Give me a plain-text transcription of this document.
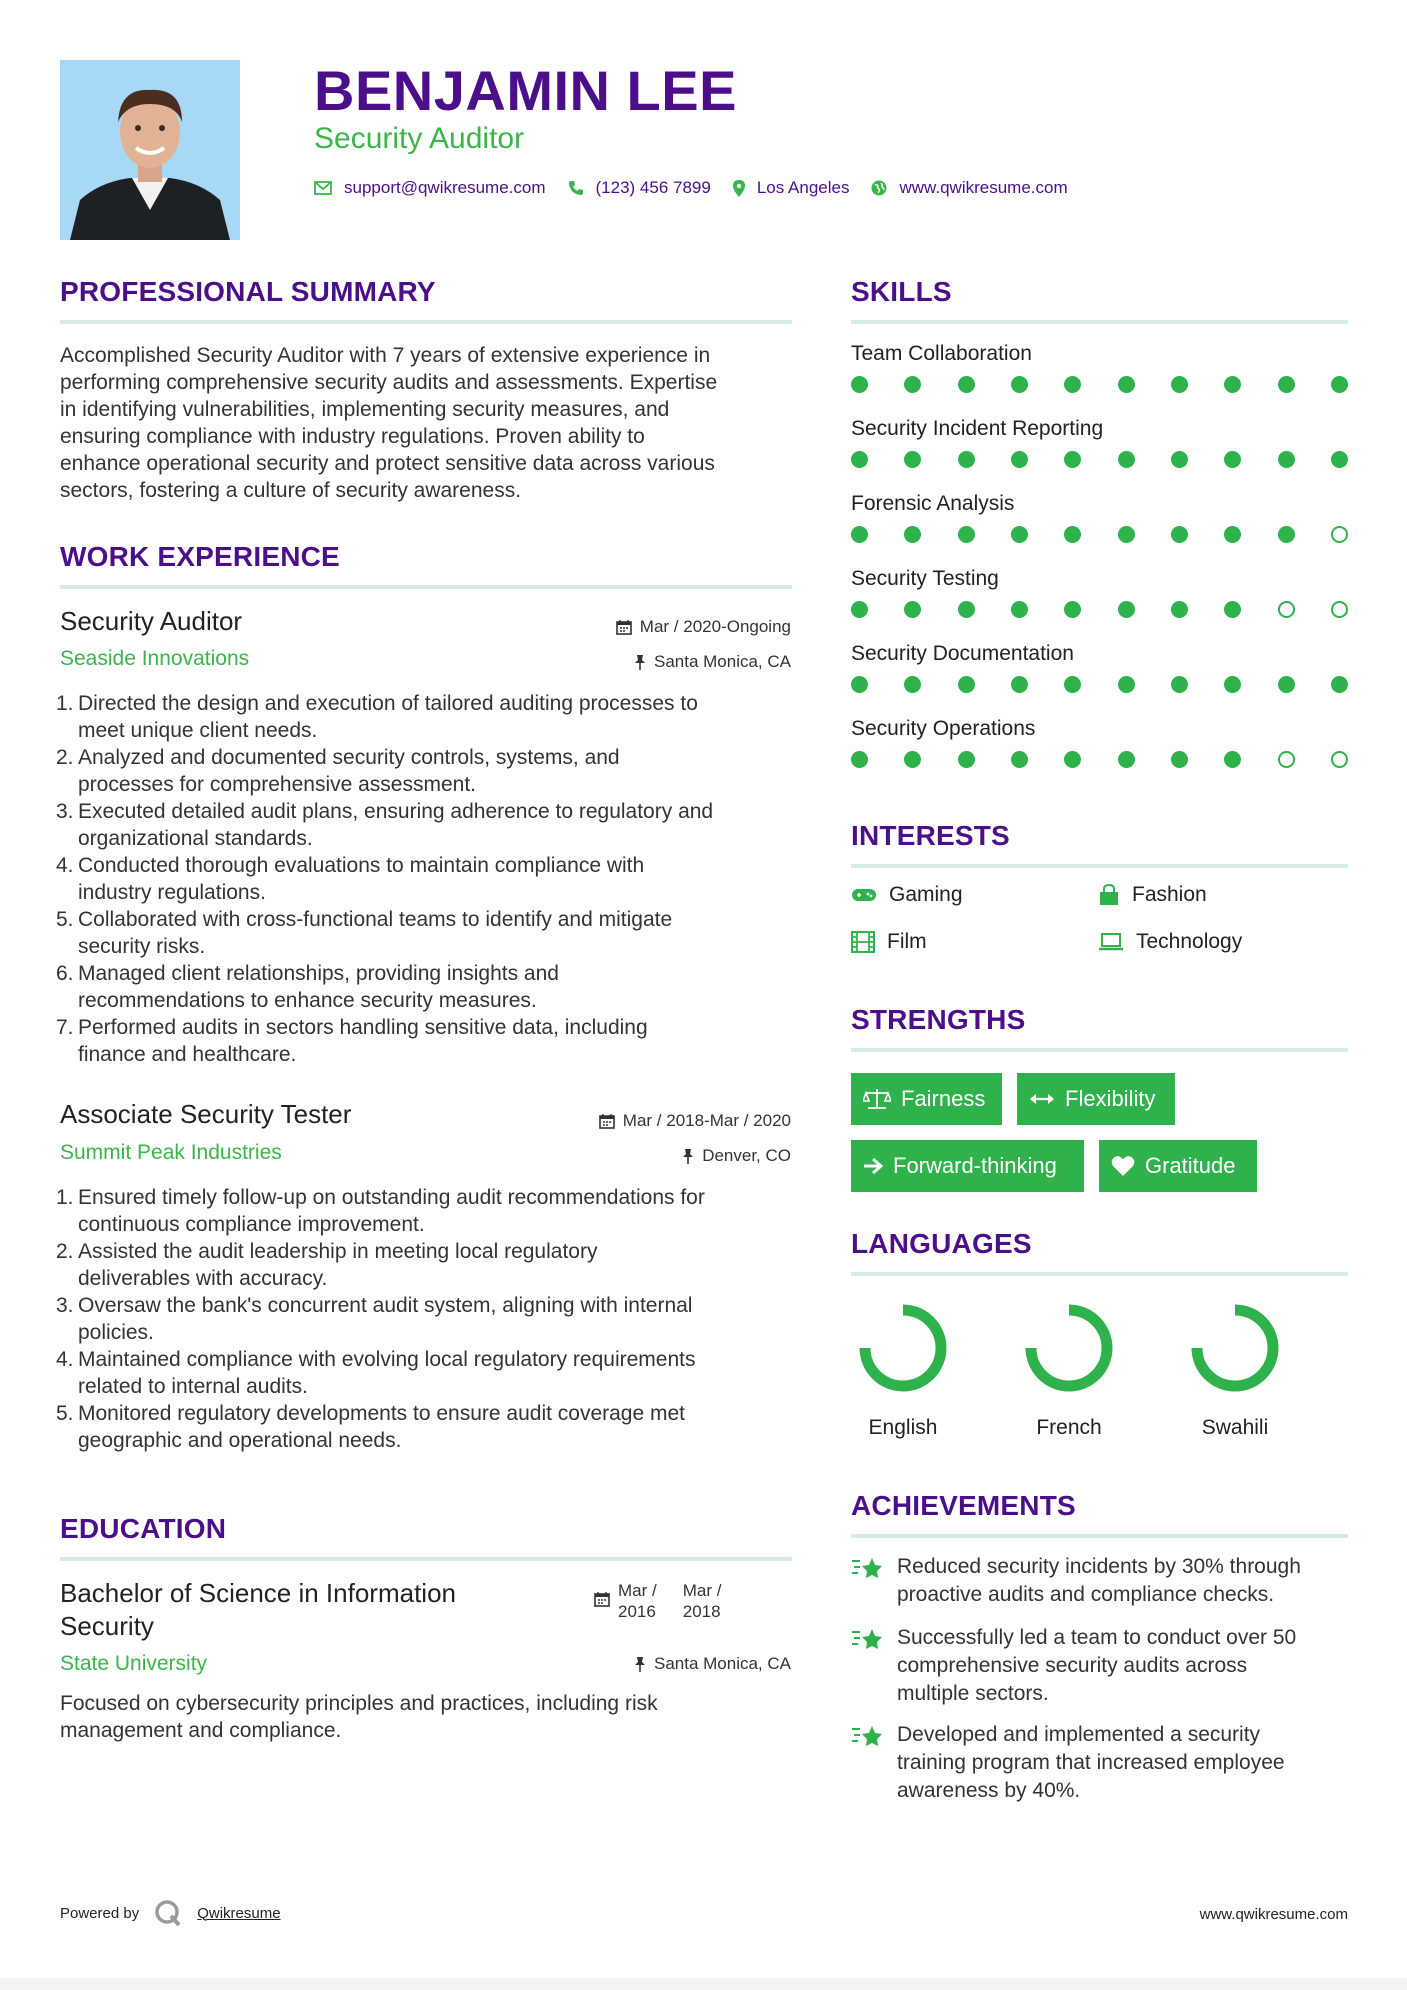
BENJAMIN LEE
Security Auditor
support@qwikresume.com	(123) 456 7899	Los Angeles	www.qwikresume.com
PROFESSIONAL SUMMARY
Accomplished Security Auditor with 7 years of extensive experience in
performing comprehensive security audits and assessments. Expertise
in identifying vulnerabilities, implementing security measures, and
ensuring compliance with industry regulations. Proven ability to
enhance operational security and protect sensitive data across various
sectors, fostering a culture of security awareness.
WORK EXPERIENCE
Security Auditor
Seaside Innovations
Mar / 2020-Ongoing
Santa Monica, CA
1. Directed the design and execution of tailored auditing processes to
meet unique client needs.
2. Analyzed and documented security controls, systems, and
processes for comprehensive assessment.
3. Executed detailed audit plans, ensuring adherence to regulatory and
organizational standards.
4. Conducted thorough evaluations to maintain compliance with
industry regulations.
5. Collaborated with cross-functional teams to identify and mitigate
security risks.
6. Managed client relationships, providing insights and
recommendations to enhance security measures.
7. Performed audits in sectors handling sensitive data, including
finance and healthcare.
Associate Security Tester
Summit Peak Industries
Mar / 2018-Mar / 2020
Denver, CO
1. Ensured timely follow-up on outstanding audit recommendations for
continuous compliance improvement.
2. Assisted the audit leadership in meeting local regulatory
deliverables with accuracy.
3. Oversaw the bank's concurrent audit system, aligning with internal
policies.
4. Maintained compliance with evolving local regulatory requirements
related to internal audits.
5. Monitored regulatory developments to ensure audit coverage met
geographic and operational needs.
EDUCATION
Bachelor of Science in Information
Security
State University
Mar /
2016
Mar /
2018
Santa Monica, CA
Focused on cybersecurity principles and practices, including risk
management and compliance.
SKILLS
Team Collaboration
Security Incident Reporting
Forensic Analysis
Security Testing
Security Documentation
Security Operations
INTERESTS
Gaming	Fashion
Film	Technology
STRENGTHS
Fairness	Flexibility
Forward-thinking	Gratitude
LANGUAGES
English	French	Swahili
ACHIEVEMENTS
Reduced security incidents by 30% through
proactive audits and compliance checks.
Successfully led a team to conduct over 50
comprehensive security audits across
multiple sectors.
Developed and implemented a security
training program that increased employee
awareness by 40%.
Powered by	Qwikresume	www.qwikresume.com
